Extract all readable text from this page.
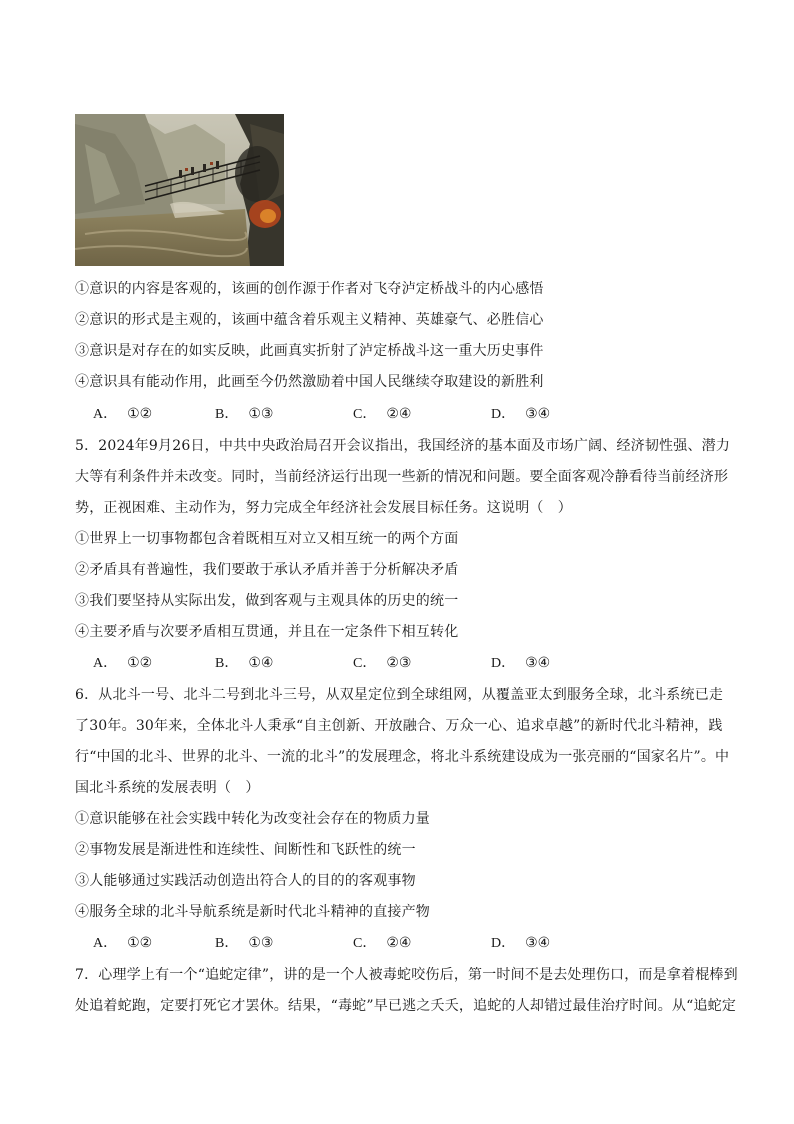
①意识的内容是客观的，该画的创作源于作者对飞夺泸定桥战斗的内心感悟
②意识的形式是主观的，该画中蕴含着乐观主义精神、英雄豪气、必胜信心
③意识是对存在的如实反映，此画真实折射了泸定桥战斗这一重大历史事件
④意识具有能动作用，此画至今仍然激励着中国人民继续夺取建设的新胜利
A． ①②	B． ①③	C． ②④	D． ③④
5．2024年9月26日，中共中央政治局召开会议指出，我国经济的基本面及市场广阔、经济韧性强、潜力
大等有利条件并未改变。同时，当前经济运行出现一些新的情况和问题。要全面客观冷静看待当前经济形
势，正视困难、主动作为，努力完成全年经济社会发展目标任务。这说明（　）
①世界上一切事物都包含着既相互对立又相互统一的两个方面
②矛盾具有普遍性，我们要敢于承认矛盾并善于分析解决矛盾
③我们要坚持从实际出发，做到客观与主观具体的历史的统一
④主要矛盾与次要矛盾相互贯通，并且在一定条件下相互转化
A． ①②	B． ①④	C． ②③	D． ③④
6．从北斗一号、北斗二号到北斗三号，从双星定位到全球组网，从覆盖亚太到服务全球，北斗系统已走
了30年。30年来，全体北斗人秉承“自主创新、开放融合、万众一心、追求卓越”的新时代北斗精神，践
行“中国的北斗、世界的北斗、一流的北斗”的发展理念，将北斗系统建设成为一张亮丽的“国家名片”。中
国北斗系统的发展表明（　）
①意识能够在社会实践中转化为改变社会存在的物质力量
②事物发展是渐进性和连续性、间断性和飞跃性的统一
③人能够通过实践活动创造出符合人的目的的客观事物
④服务全球的北斗导航系统是新时代北斗精神的直接产物
A． ①②	B． ①③	C． ②④	D． ③④
7．心理学上有一个“追蛇定律”，讲的是一个人被毒蛇咬伤后，第一时间不是去处理伤口，而是拿着棍棒到
处追着蛇跑，定要打死它才罢休。结果，“毒蛇”早已逃之夭夭，追蛇的人却错过最佳治疗时间。从“追蛇定
